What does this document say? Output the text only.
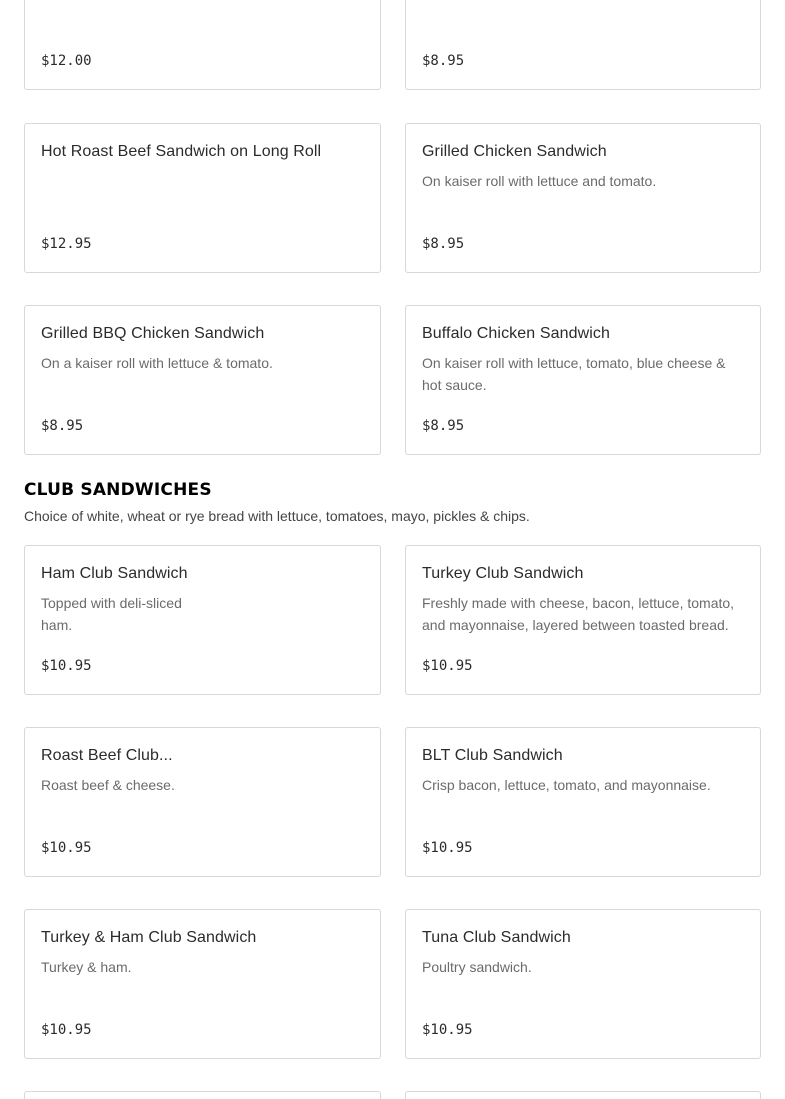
$12.00	$8.95
Hot Roast Beef Sandwich on Long Roll
$12.95
Grilled Chicken Sandwich
On kaiser roll with lettuce and tomato.
$8.95
Grilled BBQ Chicken Sandwich
On a kaiser roll with lettuce & tomato.
$8.95
Buffalo Chicken Sandwich
On kaiser roll with lettuce, tomato, blue cheese &
hot sauce.
$8.95
CLUB SANDWICHES
Choice of white, wheat or rye bread with lettuce, tomatoes, mayo, pickles & chips.
Ham Club Sandwich
Topped with deli-sliced
ham.
$10.95
Turkey Club Sandwich
Freshly made with cheese, bacon, lettuce, tomato,
and mayonnaise, layered between toasted bread.
$10.95
Roast Beef Club...
Roast beef & cheese.
$10.95
BLT Club Sandwich
Crisp bacon, lettuce, tomato, and mayonnaise.
$10.95
Turkey & Ham Club Sandwich
Turkey & ham.
$10.95
Tuna Club Sandwich
Poultry sandwich.
$10.95
